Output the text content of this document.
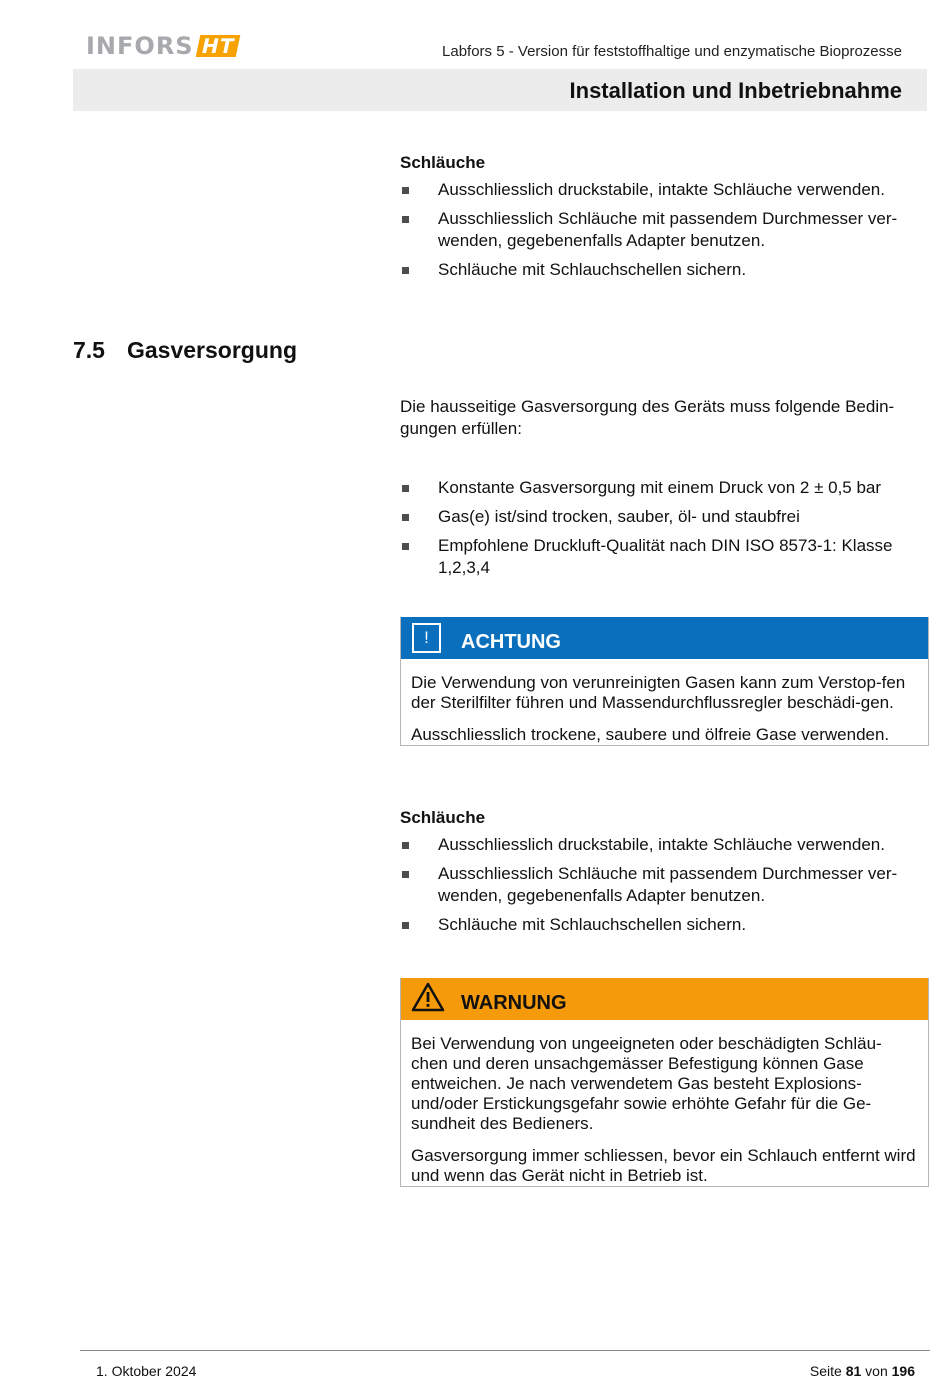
INFORS HT	Labfors 5 - Version für feststoffhaltige und enzymatische Bioprozesse
Installation und Inbetriebnahme
Schläuche
Ausschliesslich druckstabile, intakte Schläuche verwenden.
Ausschliesslich Schläuche mit passendem Durchmesser ver-wenden, gegebenenfalls Adapter benutzen.
Schläuche mit Schlauchschellen sichern.
7.5 Gasversorgung

Die hausseitige Gasversorgung des Geräts muss folgende Bedin-gungen erfüllen:

Konstante Gasversorgung mit einem Druck von 2 ± 0,5 bar
Gas(e) ist/sind trocken, sauber, öl- und staubfrei
Empfohlene Druckluft-Qualität nach DIN ISO 8573-1: Klasse 1,2,3,4
!	ACHTUNG

Die Verwendung von verunreinigten Gasen kann zum Verstop-fen der Sterilfilter führen und Massendurchflussregler beschädi-gen.

Ausschliesslich trockene, saubere und ölfreie Gase verwenden.

Schläuche
Ausschliesslich druckstabile, intakte Schläuche verwenden.
Ausschliesslich Schläuche mit passendem Durchmesser ver-wenden, gegebenenfalls Adapter benutzen.
Schläuche mit Schlauchschellen sichern.
WARNUNG

Bei Verwendung von ungeeigneten oder beschädigten Schläu-chen und deren unsachgemässer Befestigung können Gase entweichen. Je nach verwendetem Gas besteht Explosions- und/oder Erstickungsgefahr sowie erhöhte Gefahr für die Ge-sundheit des Bedieners.

Gasversorgung immer schliessen, bevor ein Schlauch entfernt wird und wenn das Gerät nicht in Betrieb ist.

1. Oktober 2024	Seite 81 von 196
